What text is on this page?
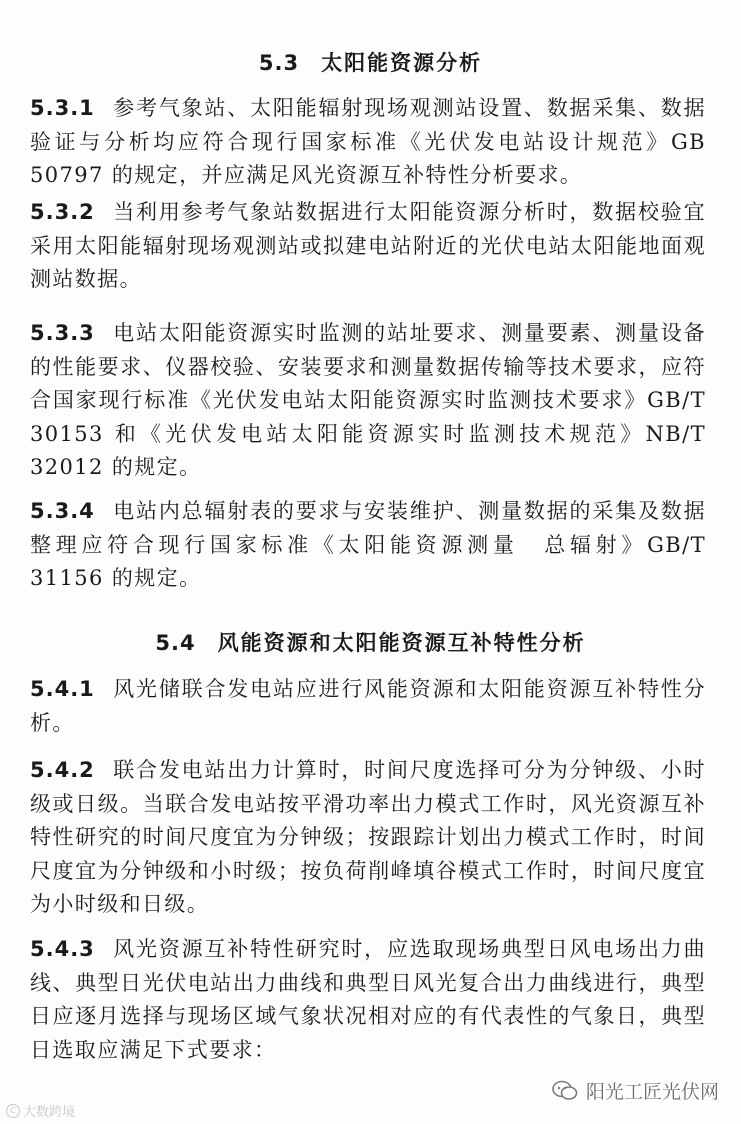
5.3 太阳能资源分析
5.3.1 参考气象站、太阳能辐射现场观测站设置、数据采集、数据验证与分析均应符合现行国家标准《光伏发电站设计规范》GB 50797 的规定，并应满足风光资源互补特性分析要求。
5.3.2 当利用参考气象站数据进行太阳能资源分析时，数据校验宜采用太阳能辐射现场观测站或拟建电站附近的光伏电站太阳能地面观测站数据。
5.3.3 电站太阳能资源实时监测的站址要求、测量要素、测量设备的性能要求、仪器校验、安装要求和测量数据传输等技术要求，应符合国家现行标准《光伏发电站太阳能资源实时监测技术要求》GB/T 30153 和《光伏发电站太阳能资源实时监测技术规范》NB/T 32012 的规定。
5.3.4 电站内总辐射表的要求与安装维护、测量数据的采集及数据整理应符合现行国家标准《太阳能资源测量　总辐射》GB/T 31156 的规定。
5.4 风能资源和太阳能资源互补特性分析
5.4.1 风光储联合发电站应进行风能资源和太阳能资源互补特性分析。
5.4.2 联合发电站出力计算时，时间尺度选择可分为分钟级、小时级或日级。当联合发电站按平滑功率出力模式工作时，风光资源互补特性研究的时间尺度宜为分钟级；按跟踪计划出力模式工作时，时间尺度宜为分钟级和小时级；按负荷削峰填谷模式工作时，时间尺度宜为小时级和日级。
5.4.3 风光资源互补特性研究时，应选取现场典型日风电场出力曲线、典型日光伏电站出力曲线和典型日风光复合出力曲线进行，典型日应逐月选择与现场区域气象状况相对应的有代表性的气象日，典型日选取应满足下式要求：
阳光工匠光伏网
C 大数跨境
